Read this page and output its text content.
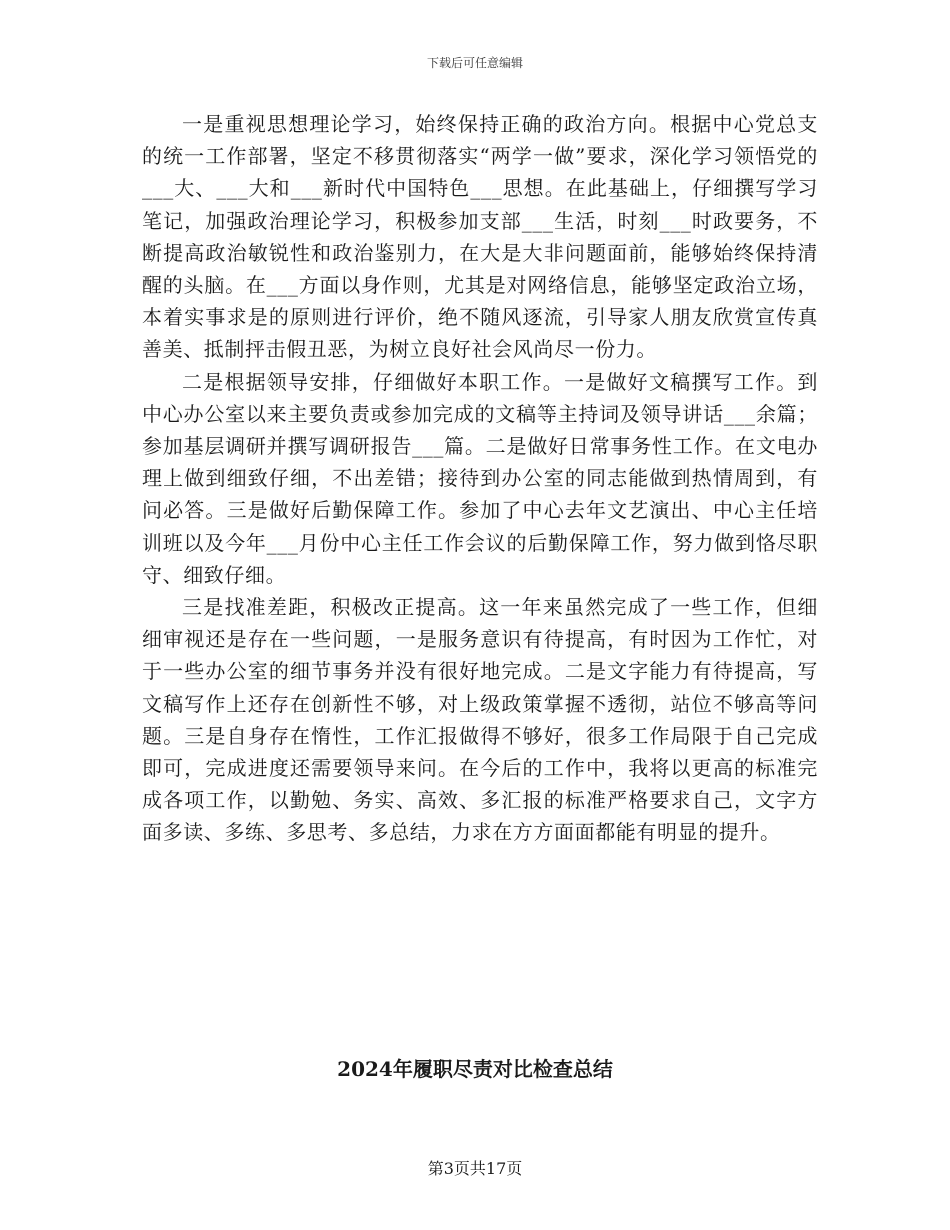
下载后可任意编辑

一是重视思想理论学习，始终保持正确的政治方向。根据中心党总支的统一工作部署，坚定不移贯彻落实“两学一做”要求，深化学习领悟党的___大、___大和___新时代中国特色___思想。在此基础上，仔细撰写学习笔记，加强政治理论学习，积极参加支部___生活，时刻___时政要务，不断提高政治敏锐性和政治鉴别力，在大是大非问题面前，能够始终保持清醒的头脑。在___方面以身作则，尤其是对网络信息，能够坚定政治立场，本着实事求是的原则进行评价，绝不随风逐流，引导家人朋友欣赏宣传真善美、抵制抨击假丑恶，为树立良好社会风尚尽一份力。

二是根据领导安排，仔细做好本职工作。一是做好文稿撰写工作。到中心办公室以来主要负责或参加完成的文稿等主持词及领导讲话___余篇；参加基层调研并撰写调研报告___篇。二是做好日常事务性工作。在文电办理上做到细致仔细，不出差错；接待到办公室的同志能做到热情周到，有问必答。三是做好后勤保障工作。参加了中心去年文艺演出、中心主任培训班以及今年___月份中心主任工作会议的后勤保障工作，努力做到恪尽职守、细致仔细。

三是找准差距，积极改正提高。这一年来虽然完成了一些工作，但细细审视还是存在一些问题，一是服务意识有待提高，有时因为工作忙，对于一些办公室的细节事务并没有很好地完成。二是文字能力有待提高，写文稿写作上还存在创新性不够，对上级政策掌握不透彻，站位不够高等问题。三是自身存在惰性，工作汇报做得不够好，很多工作局限于自己完成即可，完成进度还需要领导来问。在今后的工作中，我将以更高的标准完成各项工作，以勤勉、务实、高效、多汇报的标准严格要求自己，文字方面多读、多练、多思考、多总结，力求在方方面面都能有明显的提升。

2024年履职尽责对比检查总结
第3页共17页
